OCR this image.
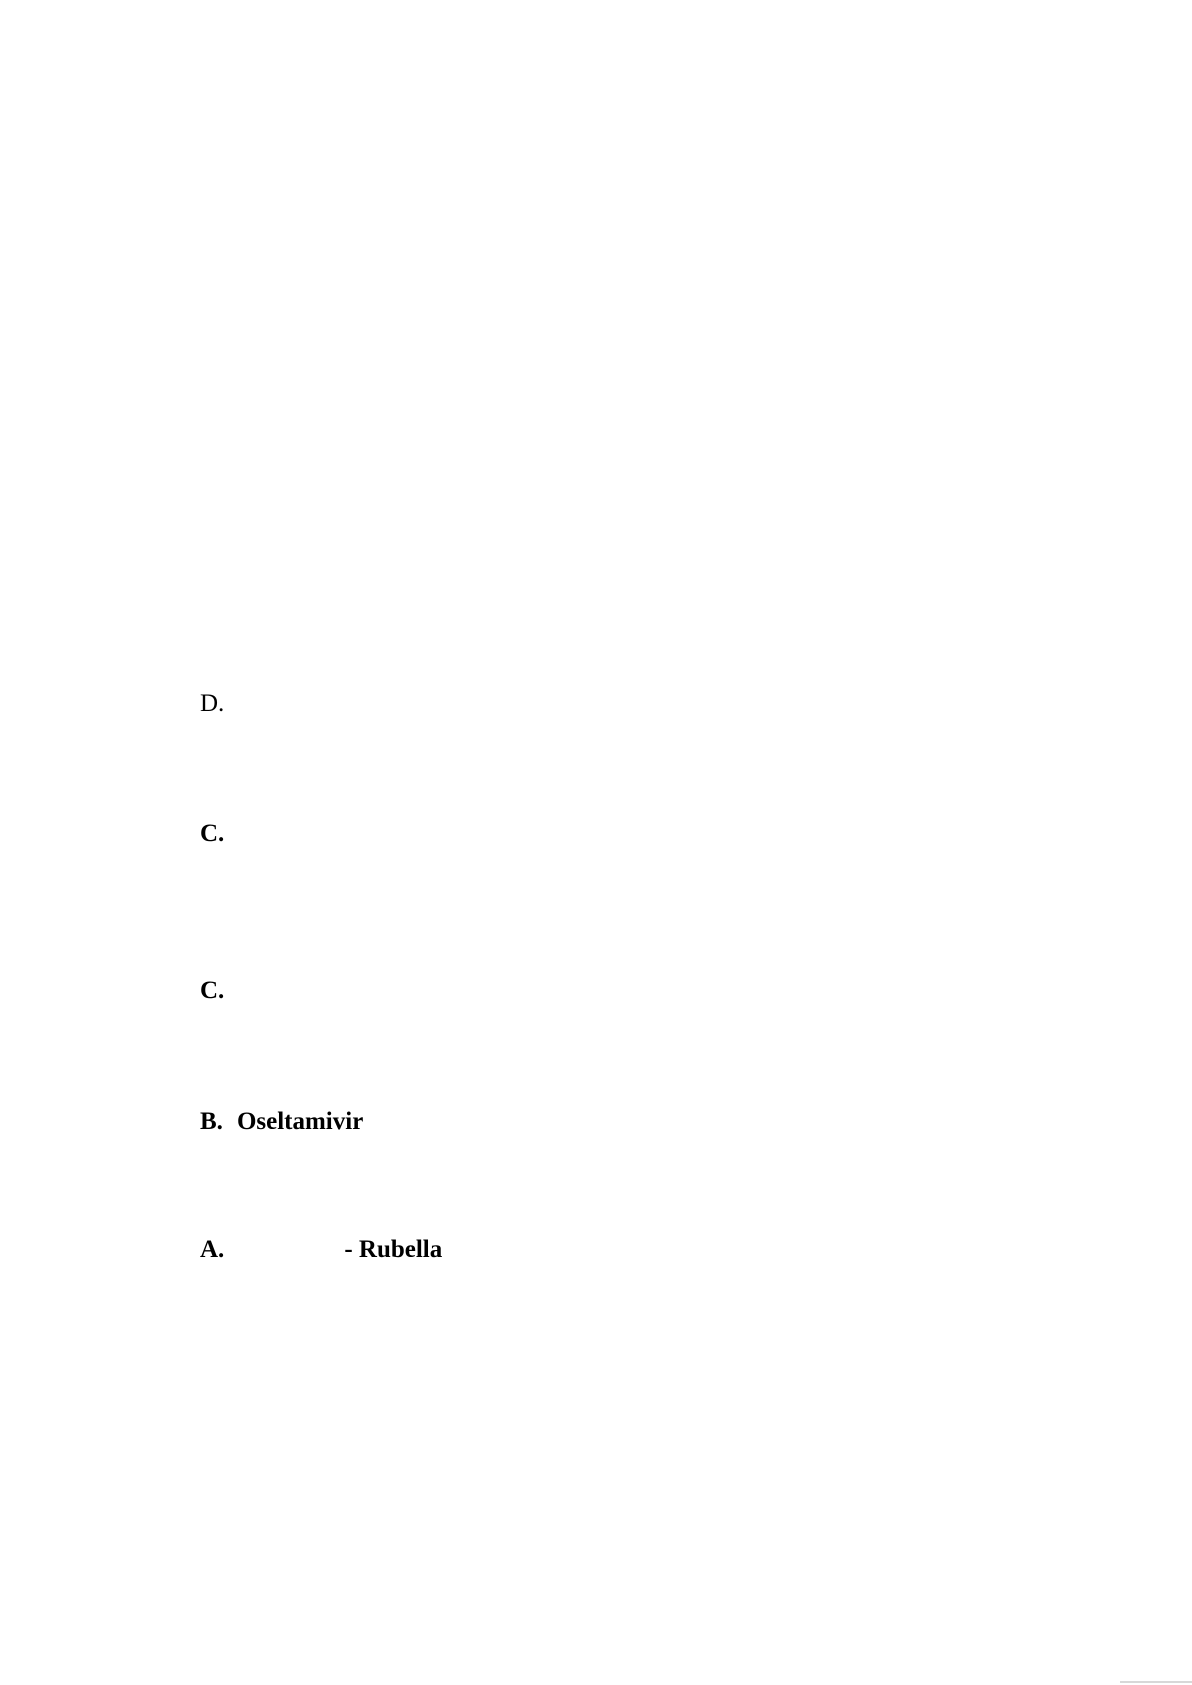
D.

C.

C.

B. Oseltamivir

A.	- Rubella
